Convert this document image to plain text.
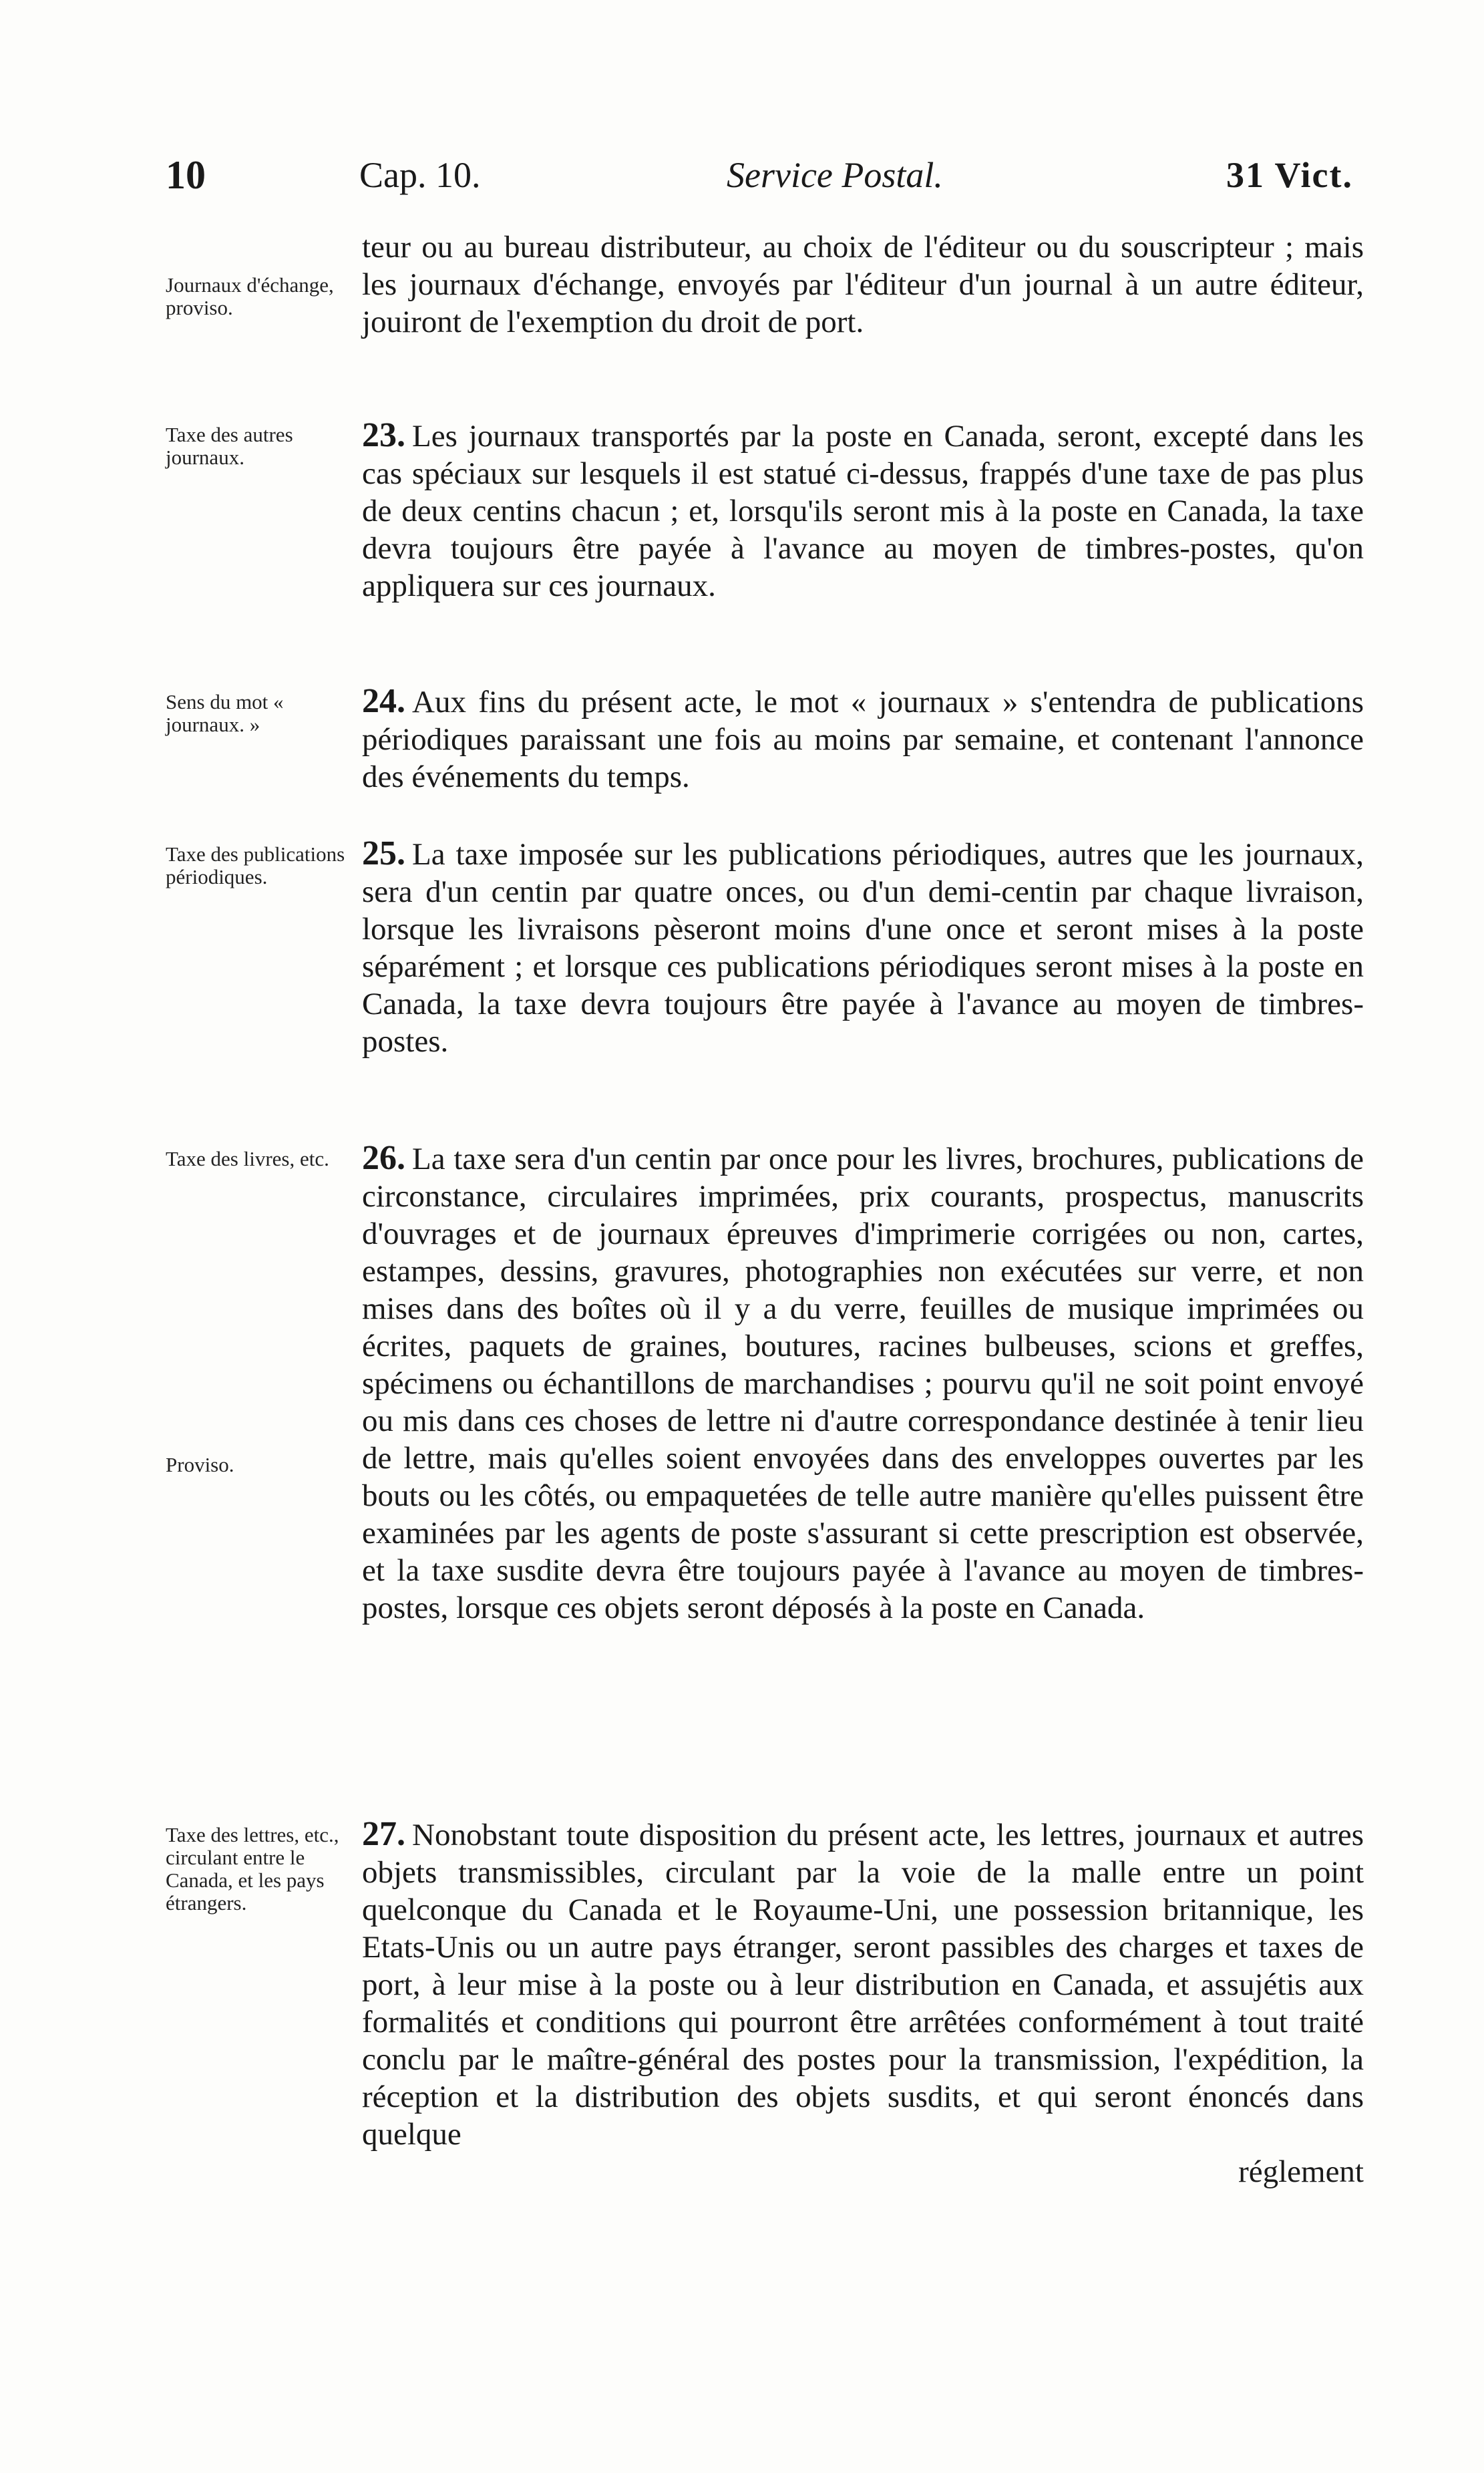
10	Cap. 10.	Service Postal.	31 Vict.
Journaux d'échange, proviso.
teur ou au bureau distributeur, au choix de l'éditeur ou du souscripteur ; mais les journaux d'échange, envoyés par l'éditeur d'un journal à un autre éditeur, jouiront de l'exemption du droit de port.
Taxe des autres journaux.
23. Les journaux transportés par la poste en Canada, seront, excepté dans les cas spéciaux sur lesquels il est statué ci-dessus, frappés d'une taxe de pas plus de deux centins chacun ; et, lorsqu'ils seront mis à la poste en Canada, la taxe devra toujours être payée à l'avance au moyen de timbres-postes, qu'on appliquera sur ces journaux.
Sens du mot « journaux. »
24. Aux fins du présent acte, le mot « journaux » s'entendra de publications périodiques paraissant une fois au moins par semaine, et contenant l'annonce des événements du temps.
Taxe des publications périodiques.
25. La taxe imposée sur les publications périodiques, autres que les journaux, sera d'un centin par quatre onces, ou d'un demi-centin par chaque livraison, lorsque les livraisons pèseront moins d'une once et seront mises à la poste séparément ; et lorsque ces publications périodiques seront mises à la poste en Canada, la taxe devra toujours être payée à l'avance au moyen de timbres-postes.
Taxe des livres, etc.
Proviso.
26. La taxe sera d'un centin par once pour les livres, brochures, publications de circonstance, circulaires imprimées, prix courants, prospectus, manuscrits d'ouvrages et de journaux épreuves d'imprimerie corrigées ou non, cartes, estampes, dessins, gravures, photographies non exécutées sur verre, et non mises dans des boîtes où il y a du verre, feuilles de musique imprimées ou écrites, paquets de graines, boutures, racines bulbeuses, scions et greffes, spécimens ou échantillons de marchandises ; pourvu qu'il ne soit point envoyé ou mis dans ces choses de lettre ni d'autre correspondance destinée à tenir lieu de lettre, mais qu'elles soient envoyées dans des enveloppes ouvertes par les bouts ou les côtés, ou empaquetées de telle autre manière qu'elles puissent être examinées par les agents de poste s'assurant si cette prescription est observée, et la taxe susdite devra être toujours payée à l'avance au moyen de timbres-postes, lorsque ces objets seront déposés à la poste en Canada.
Taxe des lettres, etc., circulant entre le Canada, et les pays étrangers.
27. Nonobstant toute disposition du présent acte, les lettres, journaux et autres objets transmissibles, circulant par la voie de la malle entre un point quelconque du Canada et le Royaume-Uni, une possession britannique, les Etats-Unis ou un autre pays étranger, seront passibles des charges et taxes de port, à leur mise à la poste ou à leur distribution en Canada, et assujétis aux formalités et conditions qui pourront être arrêtées conformément à tout traité conclu par le maître-général des postes pour la transmission, l'expédition, la réception et la distribution des objets susdits, et qui seront énoncés dans quelque
réglement
